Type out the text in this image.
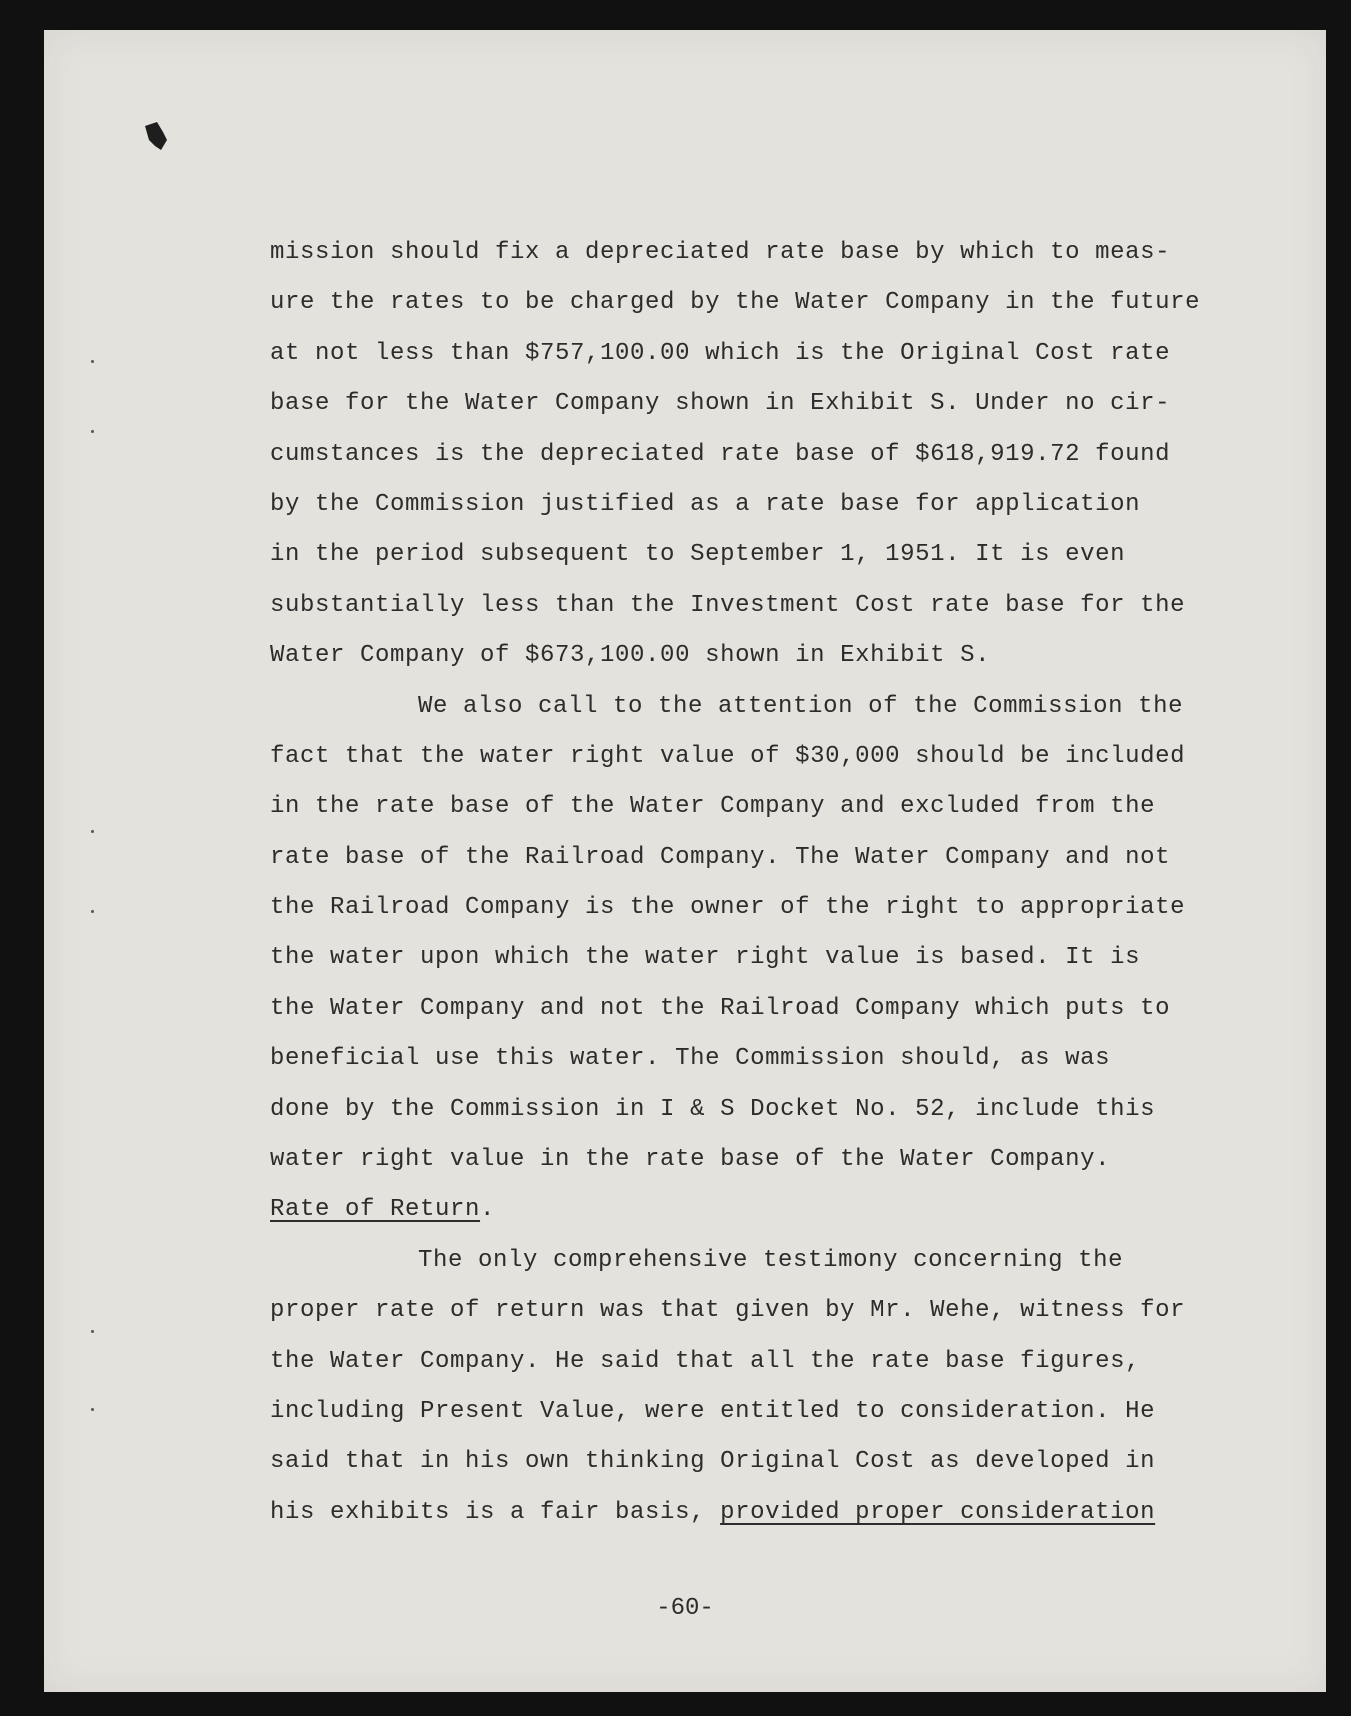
mission should fix a depreciated rate base by which to meas-
ure the rates to be charged by the Water Company in the future
at not less than $757,100.00 which is the Original Cost rate
base for the Water Company shown in Exhibit S. Under no cir-
cumstances is the depreciated rate base of $618,919.72 found
by the Commission justified as a rate base for application
in the period subsequent to September 1, 1951. It is even
substantially less than the Investment Cost rate base for the
Water Company of $673,100.00 shown in Exhibit S.
We also call to the attention of the Commission the
fact that the water right value of $30,000 should be included
in the rate base of the Water Company and excluded from the
rate base of the Railroad Company. The Water Company and not
the Railroad Company is the owner of the right to appropriate
the water upon which the water right value is based. It is
the Water Company and not the Railroad Company which puts to
beneficial use this water. The Commission should, as was
done by the Commission in I & S Docket No. 52, include this
water right value in the rate base of the Water Company.
Rate of Return.
The only comprehensive testimony concerning the
proper rate of return was that given by Mr. Wehe, witness for
the Water Company. He said that all the rate base figures,
including Present Value, were entitled to consideration. He
said that in his own thinking Original Cost as developed in
his exhibits is a fair basis, provided proper consideration
-60-
